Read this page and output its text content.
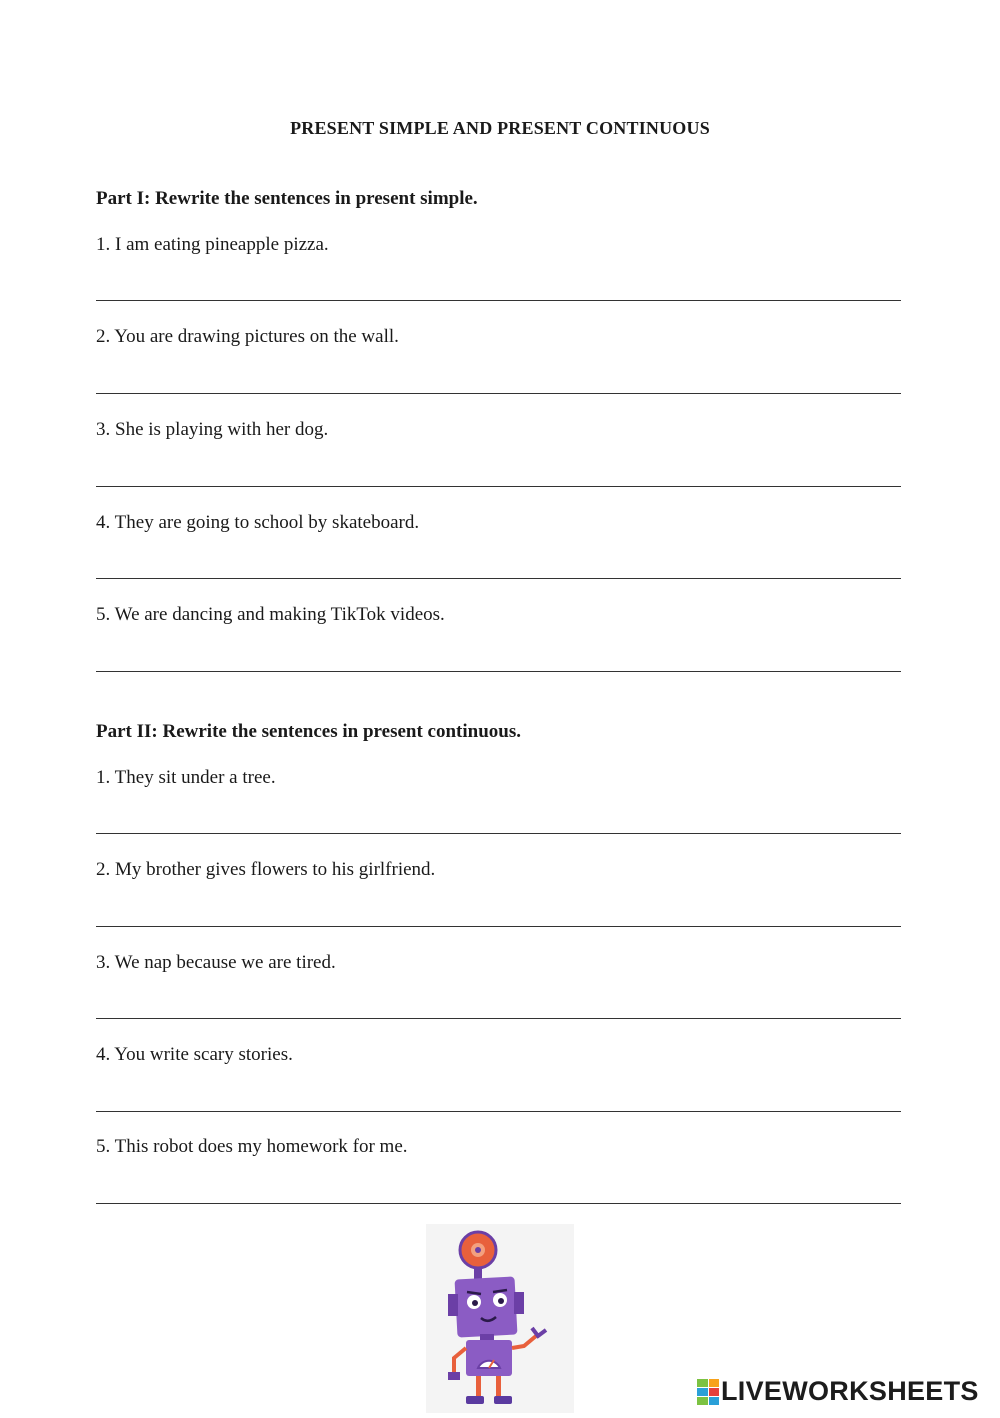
PRESENT SIMPLE AND PRESENT CONTINUOUS
Part I: Rewrite the sentences in present simple.
1. I am eating pineapple pizza.
2. You are drawing pictures on the wall.
3. She is playing with her dog.
4. They are going to school by skateboard.
5. We are dancing and making TikTok videos.
Part II: Rewrite the sentences in present continuous.
1. They sit under a tree.
2. My brother gives flowers to his girlfriend.
3. We nap because we are tired.
4. You write scary stories.
5. This robot does my homework for me.
LIVEWORKSHEETS
